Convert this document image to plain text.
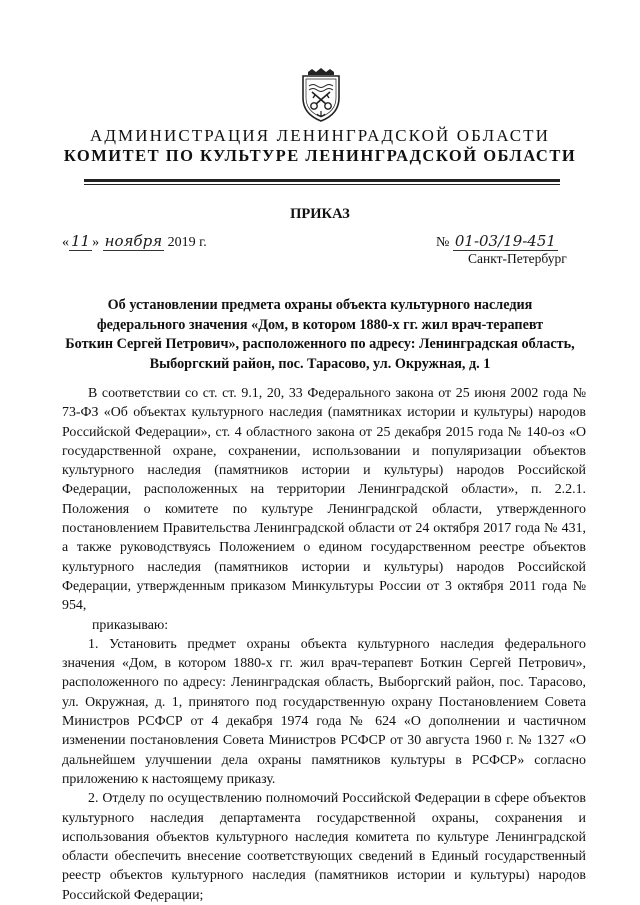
АДМИНИСТРАЦИЯ ЛЕНИНГРАДСКОЙ ОБЛАСТИ
КОМИТЕТ ПО КУЛЬТУРЕ ЛЕНИНГРАДСКОЙ ОБЛАСТИ
ПРИКАЗ
« 11 » ноября 2019 г.	№ 01-03/19-451
Санкт-Петербург
Об установлении предмета охраны объекта культурного наследия
федерального значения «Дом, в котором 1880-х гг. жил врач-терапевт
Боткин Сергей Петрович», расположенного по адресу: Ленинградская область,
Выборгский район, пос. Тарасово, ул. Окружная, д. 1

В соответствии со ст. ст. 9.1, 20, 33 Федерального закона от 25 июня 2002 года № 73-ФЗ «Об объектах культурного наследия (памятниках истории и культуры) народов Российской Федерации», ст. 4 областного закона от 25 декабря 2015 года № 140-оз «О государственной охране, сохранении, использовании и популяризации объектов культурного наследия (памятников истории и культуры) народов Российской Федерации, расположенных на территории Ленинградской области», п. 2.2.1. Положения о комитете по культуре Ленинградской области, утвержденного постановлением Правительства Ленинградской области от 24 октября 2017 года № 431, а также руководствуясь Положением о едином государственном реестре объектов культурного наследия (памятников истории и культуры) народов Российской Федерации, утвержденным приказом Минкультуры России от 3 октября 2011 года № 954,

приказываю:

1. Установить предмет охраны объекта культурного наследия федерального значения «Дом, в котором 1880-х гг. жил врач-терапевт Боткин Сергей Петрович», расположенного по адресу: Ленинградская область, Выборгский район, пос. Тарасово, ул. Окружная, д. 1, принятого под государственную охрану Постановлением Совета Министров РСФСР от 4 декабря 1974 года № 624 «О дополнении и частичном изменении постановления Совета Министров РСФСР от 30 августа 1960 г. № 1327 «О дальнейшем улучшении дела охраны памятников культуры в РСФСР» согласно приложению к настоящему приказу.

2. Отделу по осуществлению полномочий Российской Федерации в сфере объектов культурного наследия департамента государственной охраны, сохранения и использования объектов культурного наследия комитета по культуре Ленинградской области обеспечить внесение соответствующих сведений в Единый государственный реестр объектов культурного наследия (памятников истории и культуры) народов Российской Федерации;
